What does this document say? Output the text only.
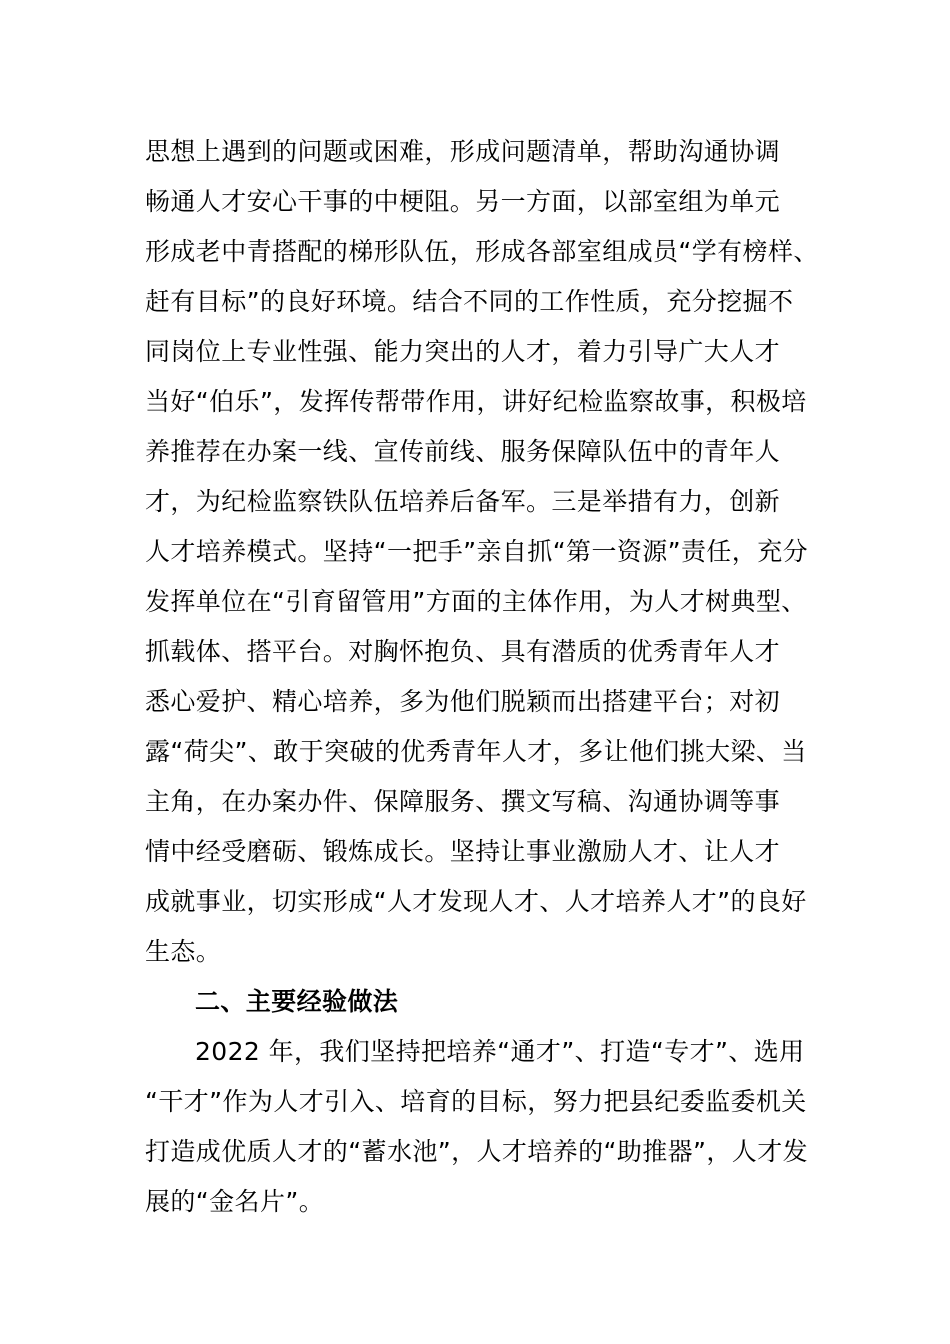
思想上遇到的问题或困难，形成问题清单，帮助沟通协调
畅通人才安心干事的中梗阻。另一方面，以部室组为单元
形成老中青搭配的梯形队伍，形成各部室组成员“学有榜样、
赶有目标”的良好环境。结合不同的工作性质，充分挖掘不
同岗位上专业性强、能力突出的人才，着力引导广大人才
当好“伯乐”，发挥传帮带作用，讲好纪检监察故事，积极培
养推荐在办案一线、宣传前线、服务保障队伍中的青年人
才，为纪检监察铁队伍培养后备军。三是举措有力，创新
人才培养模式。坚持“一把手”亲自抓“第一资源”责任，充分
发挥单位在“引育留管用”方面的主体作用，为人才树典型、
抓载体、搭平台。对胸怀抱负、具有潜质的优秀青年人才
悉心爱护、精心培养，多为他们脱颖而出搭建平台；对初
露“荷尖”、敢于突破的优秀青年人才，多让他们挑大梁、当
主角，在办案办件、保障服务、撰文写稿、沟通协调等事
情中经受磨砺、锻炼成长。坚持让事业激励人才、让人才
成就事业，切实形成“人才发现人才、人才培养人才”的良好
生态。
二、主要经验做法
2022 年，我们坚持把培养“通才”、打造“专才”、选用
“干才”作为人才引入、培育的目标，努力把县纪委监委机关
打造成优质人才的“蓄水池”，人才培养的“助推器”，人才发
展的“金名片”。
